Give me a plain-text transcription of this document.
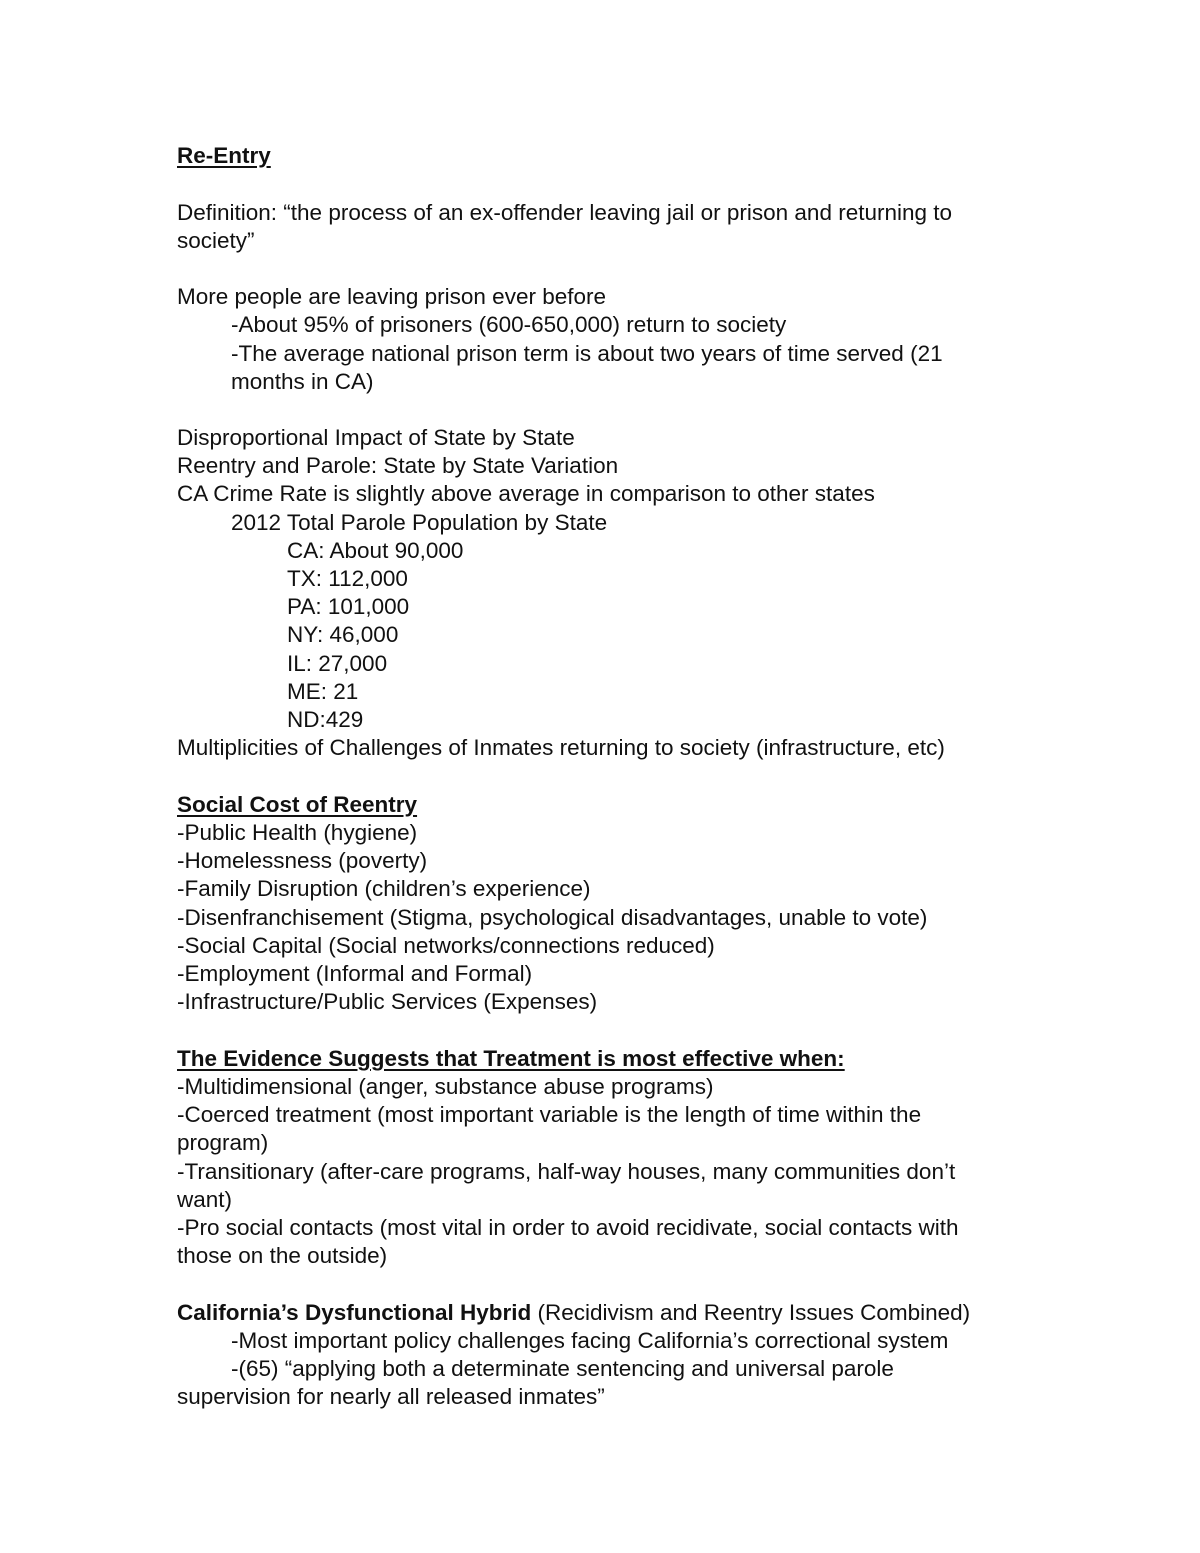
Re-Entry

Definition: “the process of an ex-offender leaving jail or prison and returning to

society”

More people are leaving prison ever before

-About 95% of prisoners (600-650,000) return to society

-The average national prison term is about two years of time served (21

months in CA)

Disproportional Impact of State by State

Reentry and Parole: State by State Variation

CA Crime Rate is slightly above average in comparison to other states

2012 Total Parole Population by State

CA: About 90,000

TX: 112,000

PA: 101,000

NY: 46,000

IL: 27,000

ME: 21

ND:429

Multiplicities of Challenges of Inmates returning to society (infrastructure, etc)

Social Cost of Reentry

-Public Health (hygiene)

-Homelessness (poverty)

-Family Disruption (children’s experience)

-Disenfranchisement (Stigma, psychological disadvantages, unable to vote)

-Social Capital (Social networks/connections reduced)

-Employment (Informal and Formal)

-Infrastructure/Public Services (Expenses)

The Evidence Suggests that Treatment is most effective when:

-Multidimensional (anger, substance abuse programs)

-Coerced treatment (most important variable is the length of time within the

program)

-Transitionary (after-care programs, half-way houses, many communities don’t

want)

-Pro social contacts (most vital in order to avoid recidivate, social contacts with

those on the outside)

California’s Dysfunctional Hybrid (Recidivism and Reentry Issues Combined)

-Most important policy challenges facing California’s correctional system

-(65) “applying both a determinate sentencing and universal parole

supervision for nearly all released inmates”
